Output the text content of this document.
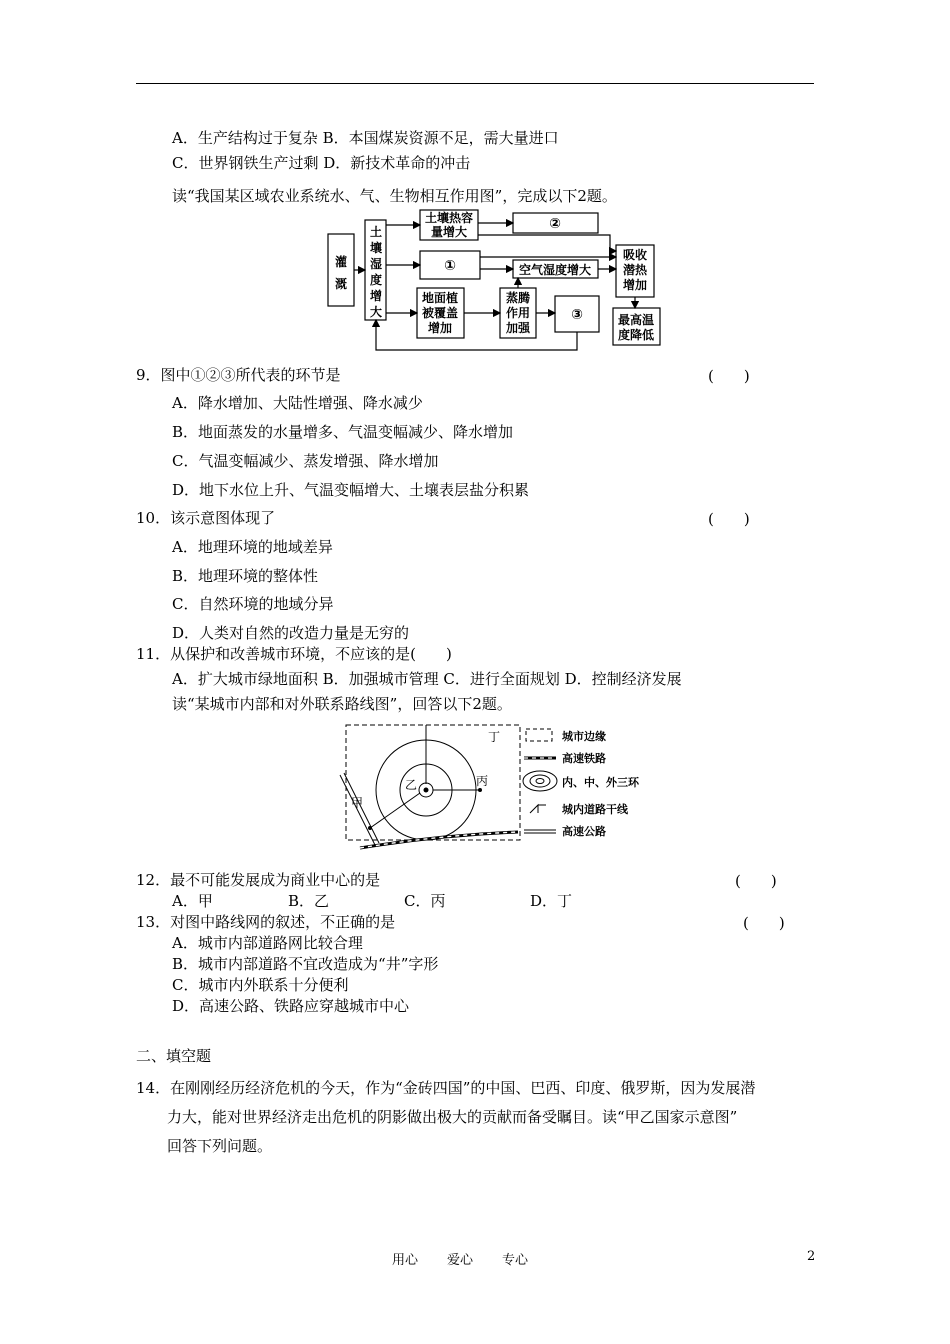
A．生产结构过于复杂 B．本国煤炭资源不足，需大量进口
C．世界钢铁生产过剩 D．新技术革命的冲击
读“我国某区域农业系统水、气、生物相互作用图”，完成以下2题。
灌
溉
土
壤
湿
度
增
大
土壤热容
量增大	②
①	空气湿度增大
吸收
潜热
增加
地面植
被覆盖
增加
蒸腾
作用
加强
③	最高温
度降低
9．图中①②③所代表的环节是	(　　)
A．降水增加、大陆性增强、降水减少
B．地面蒸发的水量增多、气温变幅减少、降水增加
C．气温变幅减少、蒸发增强、降水增加
D．地下水位上升、气温变幅增大、土壤表层盐分积累
10．该示意图体现了	(　　)
A．地理环境的地域差异
B．地理环境的整体性
C．自然环境的地域分异
D．人类对自然的改造力量是无穷的
11．从保护和改善城市环境，不应该的是(　　)
A．扩大城市绿地面积 B．加强城市管理 C．进行全面规划 D．控制经济发展
读“某城市内部和对外联系路线图”，回答以下2题。
甲
乙	丙
丁	城市边缘
高速铁路
内、中、外三环
城内道路干线
高速公路
12．最不可能发展成为商业中心的是	(　　)
A．甲	B．乙	C．丙	D．丁
13．对图中路线网的叙述，不正确的是	(　　)
A．城市内部道路网比较合理
B．城市内部道路不宜改造成为“井”字形
C．城市内外联系十分便利
D．高速公路、铁路应穿越城市中心
二、填空题
14．在刚刚经历经济危机的今天，作为“金砖四国”的中国、巴西、印度、俄罗斯，因为发展潜
力大，能对世界经济走出危机的阴影做出极大的贡献而备受瞩目。读“甲乙国家示意图”
回答下列问题。
用心 爱心 专心	2
